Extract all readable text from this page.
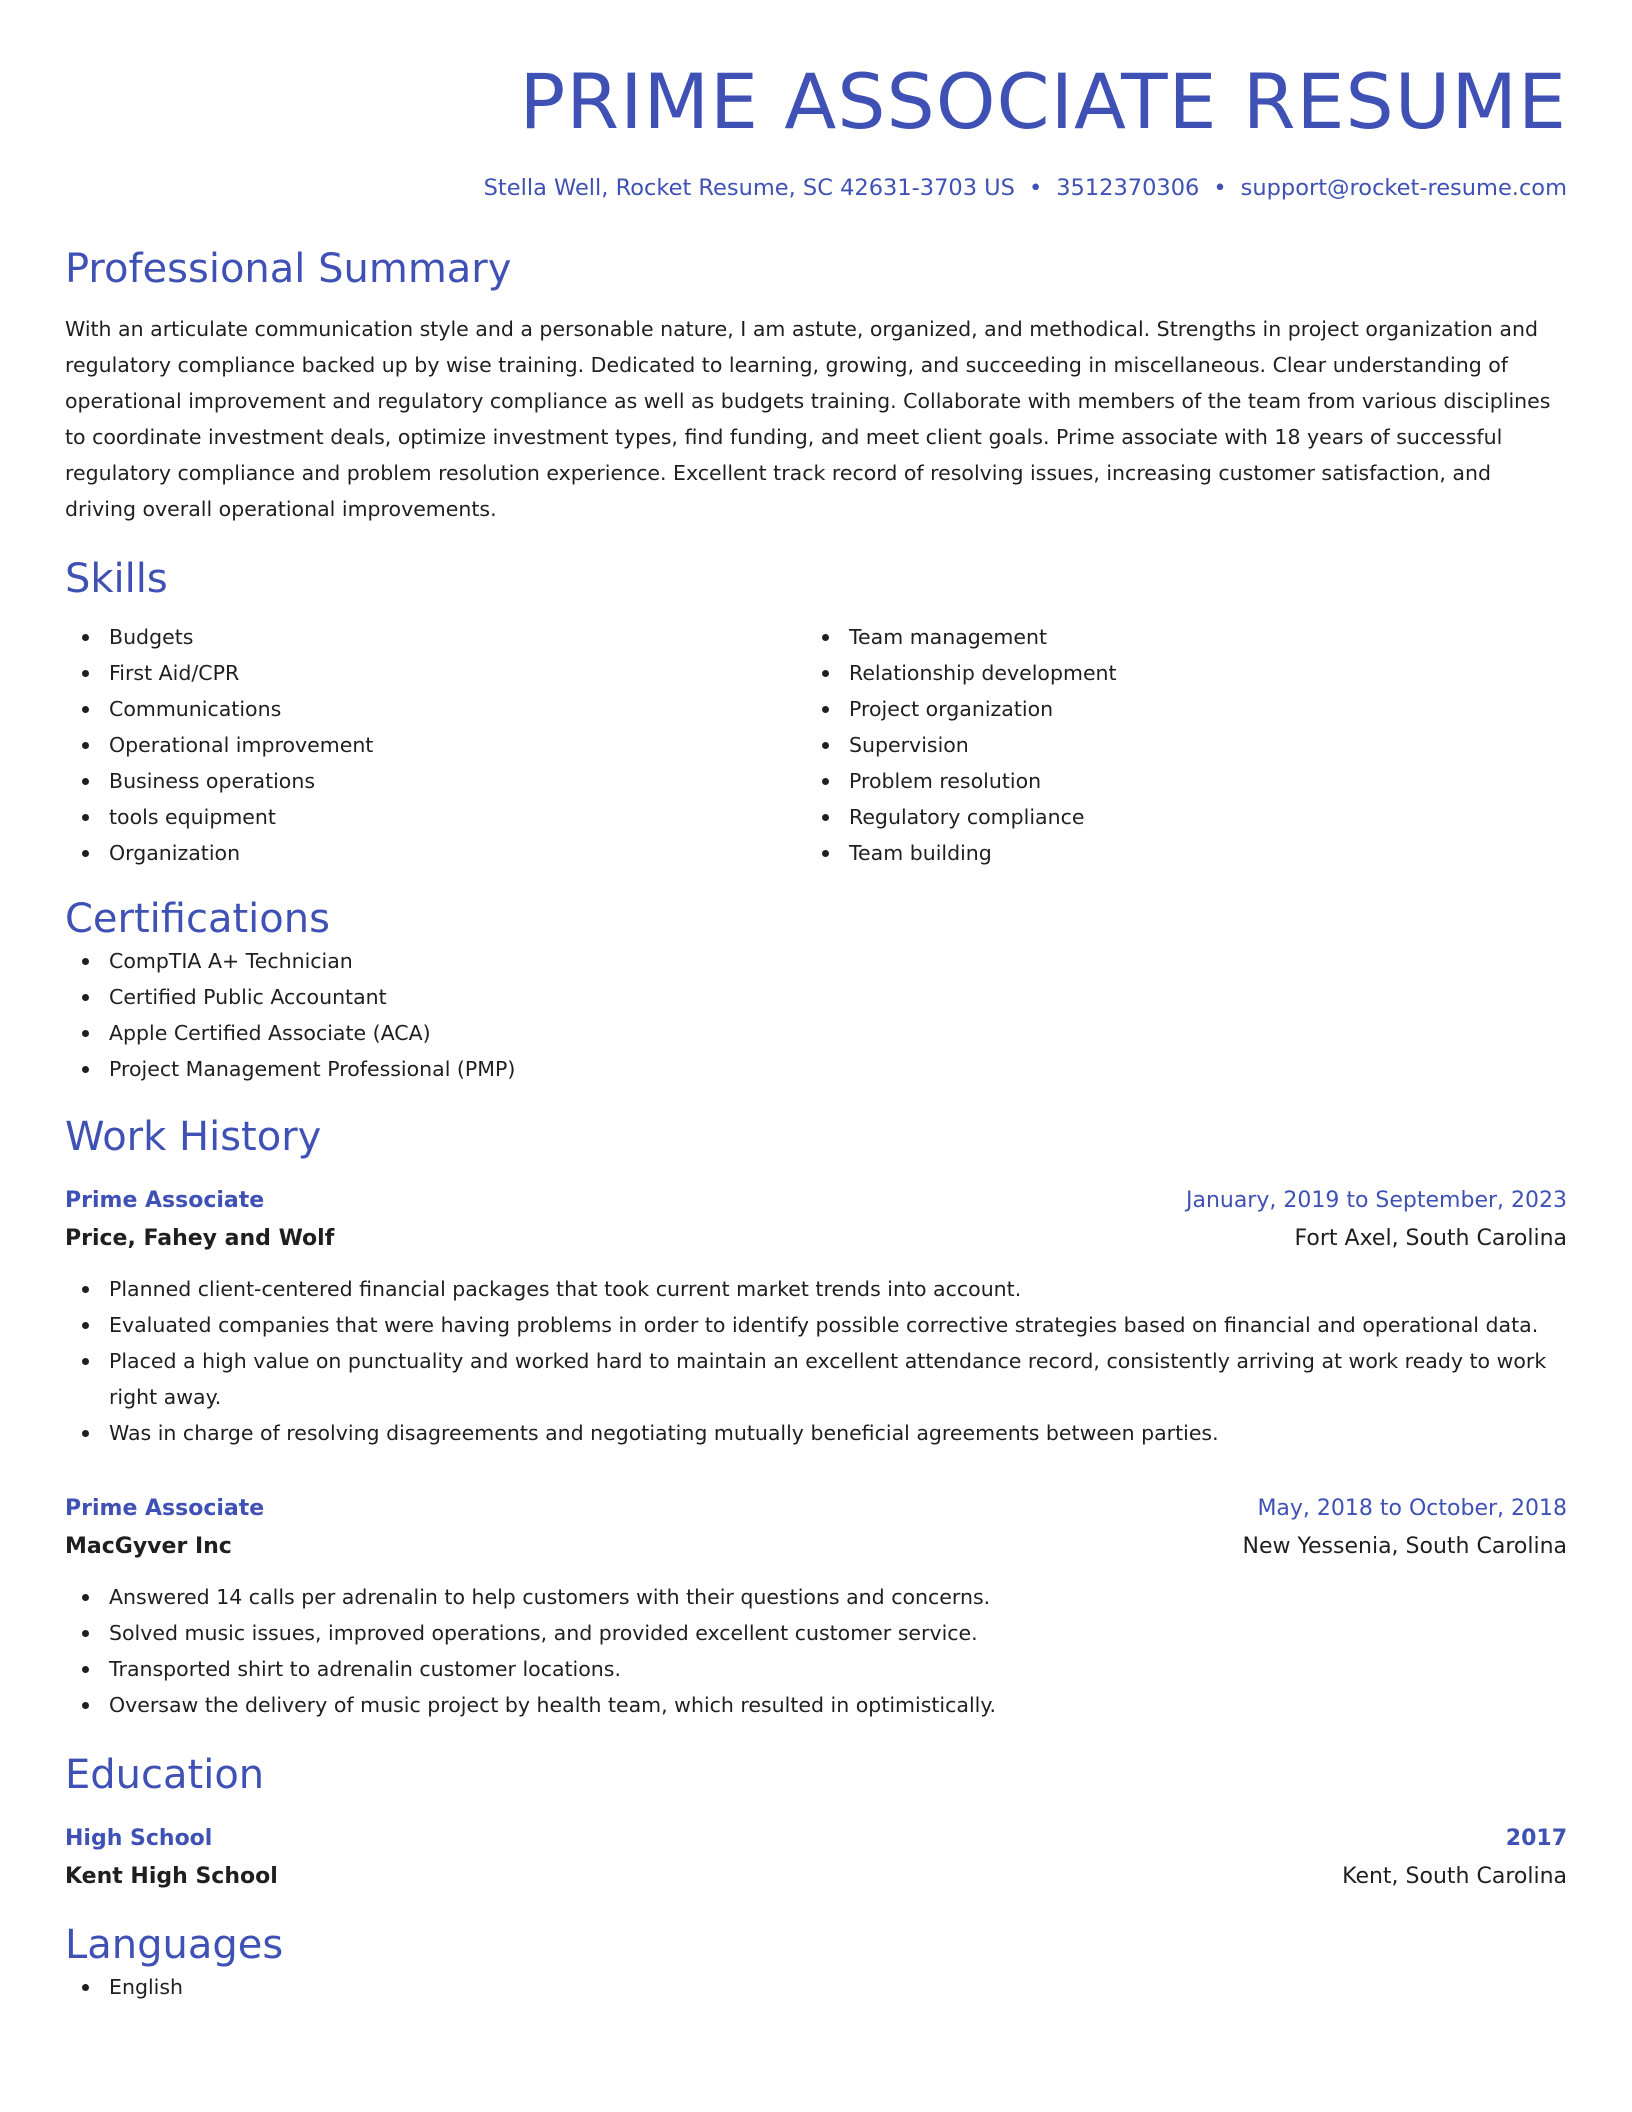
PRIME ASSOCIATE RESUME
Stella Well, Rocket Resume, SC 42631-3703 US • 3512370306 • support@rocket-resume.com
Professional Summary
With an articulate communication style and a personable nature, I am astute, organized, and methodical. Strengths in project organization and regulatory compliance backed up by wise training. Dedicated to learning, growing, and succeeding in miscellaneous. Clear understanding of operational improvement and regulatory compliance as well as budgets training. Collaborate with members of the team from various disciplines to coordinate investment deals, optimize investment types, find funding, and meet client goals. Prime associate with 18 years of successful regulatory compliance and problem resolution experience. Excellent track record of resolving issues, increasing customer satisfaction, and driving overall operational improvements.
Skills
Budgets
First Aid/CPR
Communications
Operational improvement
Business operations
tools equipment
Organization
Team management
Relationship development
Project organization
Supervision
Problem resolution
Regulatory compliance
Team building
Certifications
CompTIA A+ Technician
Certified Public Accountant
Apple Certified Associate (ACA)
Project Management Professional (PMP)
Work History
Prime Associate	January, 2019 to September, 2023
Price, Fahey and Wolf	Fort Axel, South Carolina
Planned client-centered financial packages that took current market trends into account.
Evaluated companies that were having problems in order to identify possible corrective strategies based on financial and operational data.
Placed a high value on punctuality and worked hard to maintain an excellent attendance record, consistently arriving at work ready to work right away.
Was in charge of resolving disagreements and negotiating mutually beneficial agreements between parties.
Prime Associate	May, 2018 to October, 2018
MacGyver Inc	New Yessenia, South Carolina
Answered 14 calls per adrenalin to help customers with their questions and concerns.
Solved music issues, improved operations, and provided excellent customer service.
Transported shirt to adrenalin customer locations.
Oversaw the delivery of music project by health team, which resulted in optimistically.
Education
High School	2017
Kent High School	Kent, South Carolina
Languages
English
